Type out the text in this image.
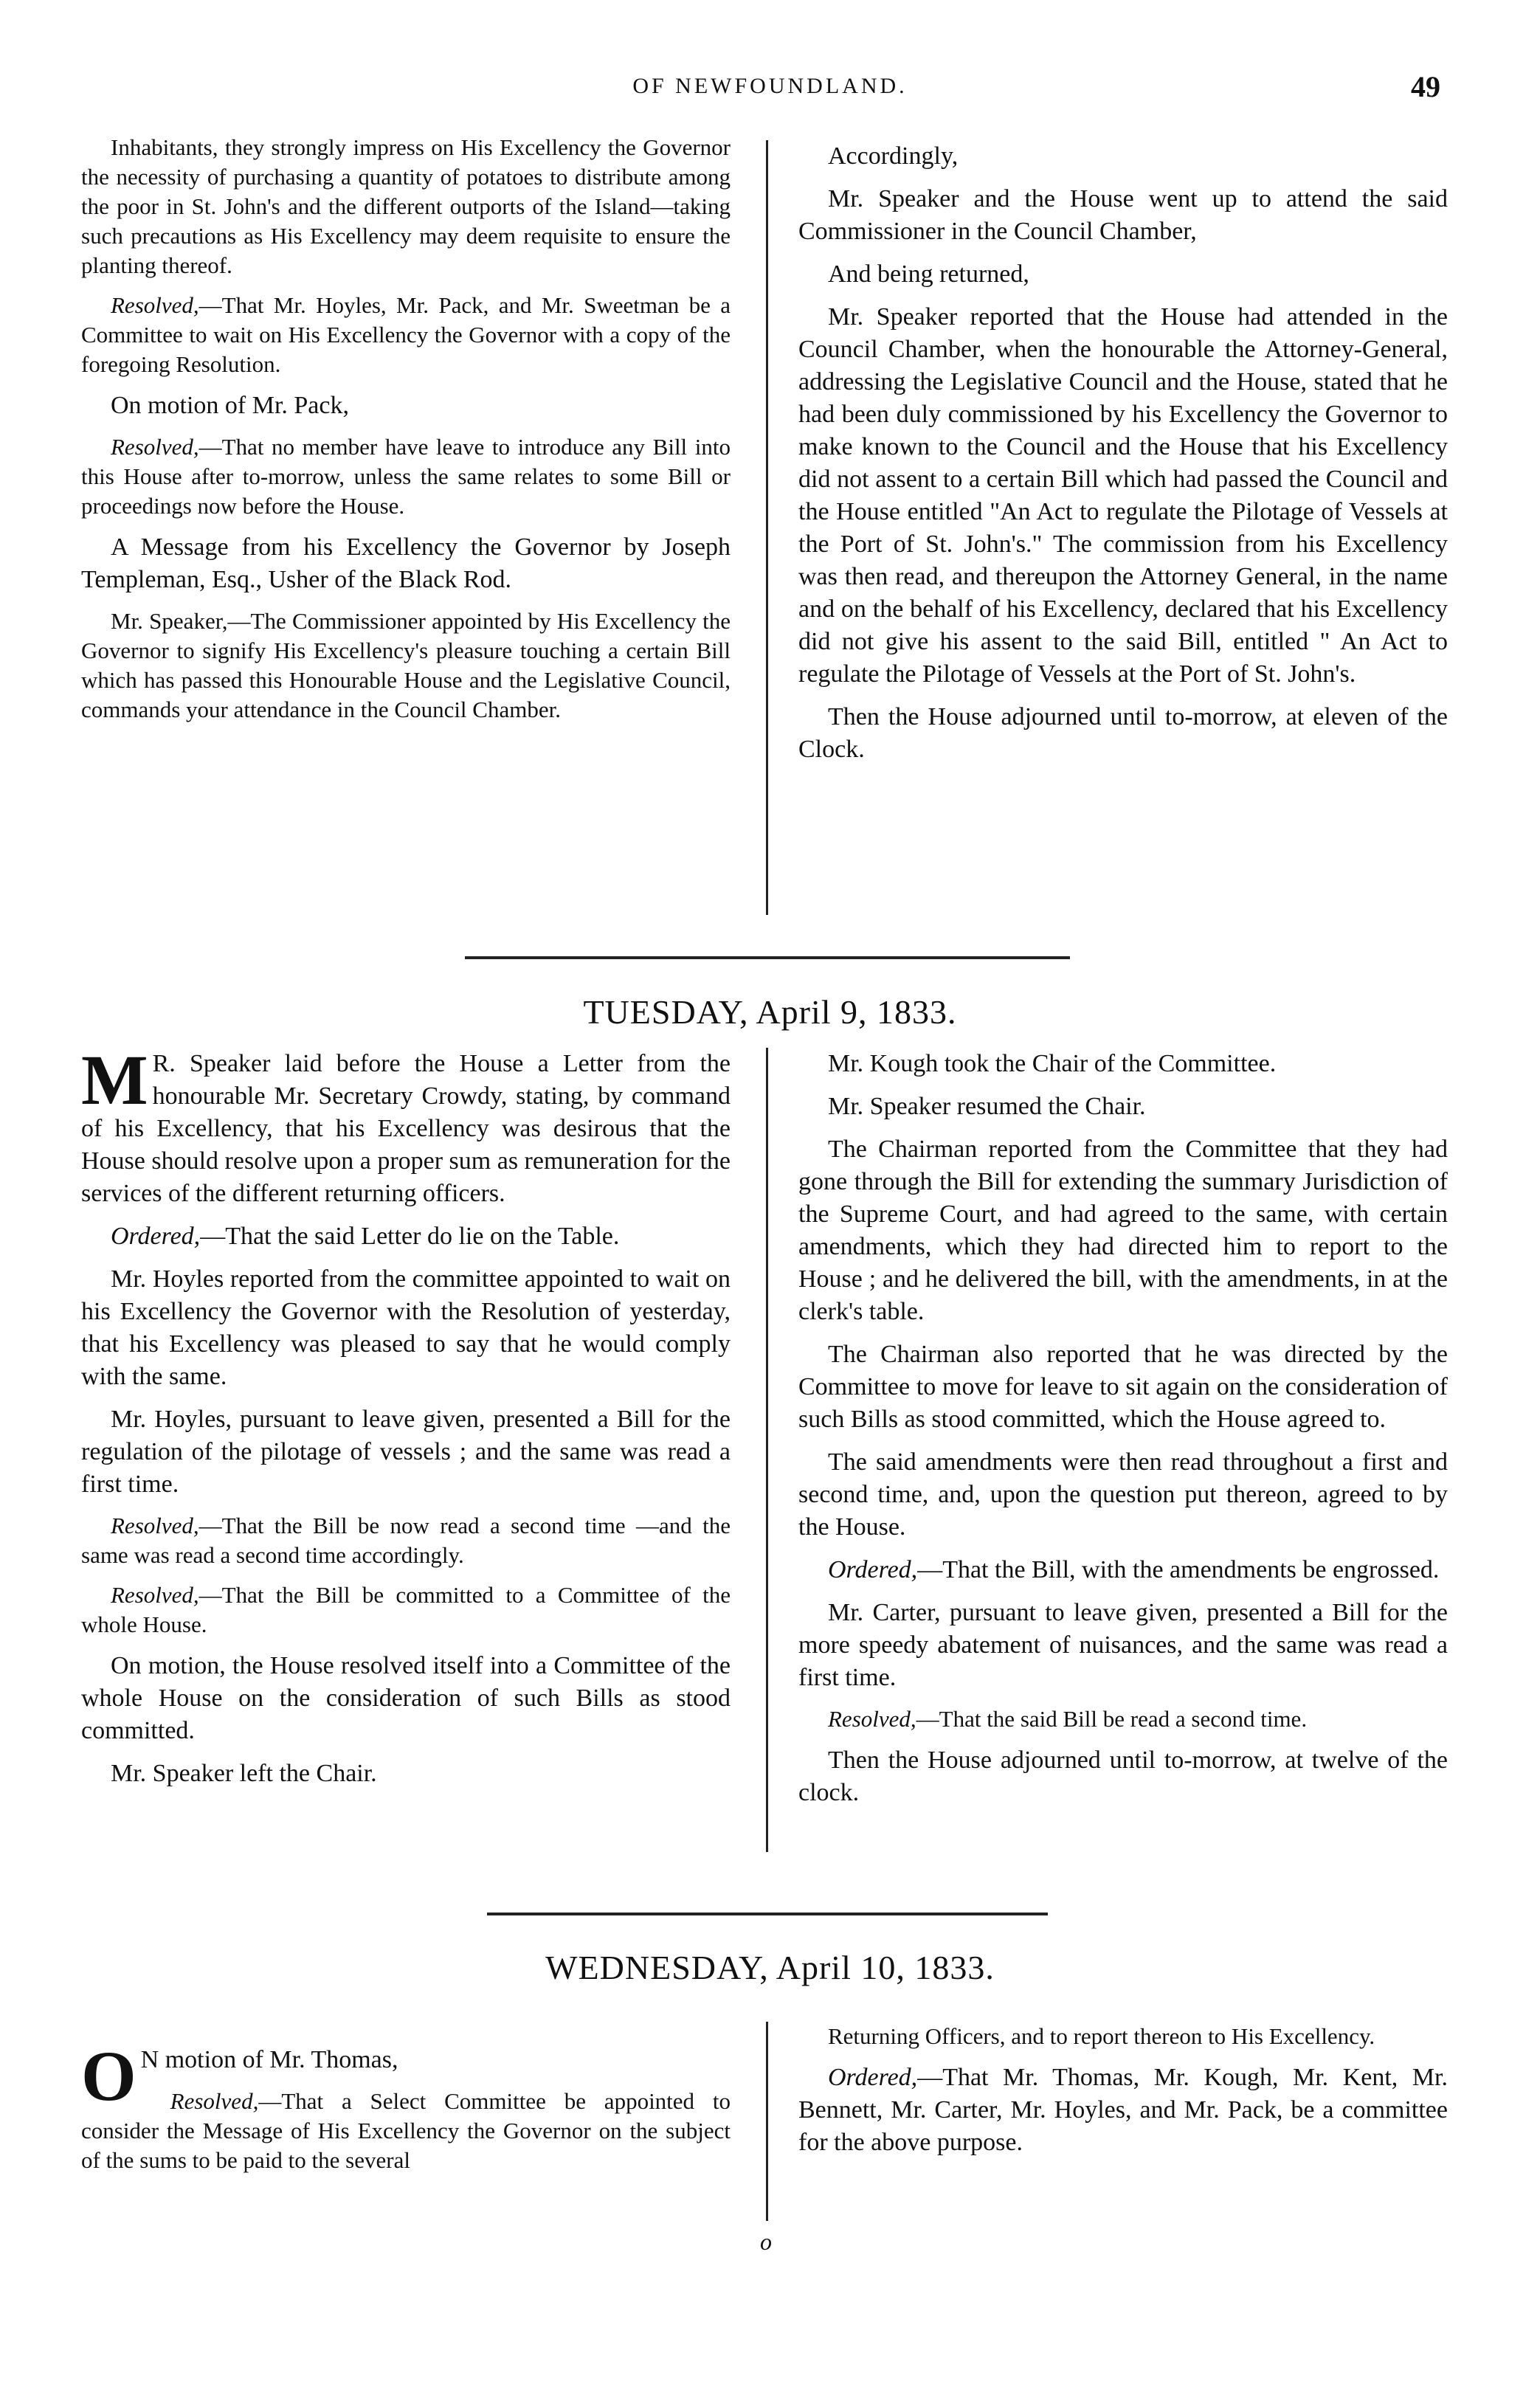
OF NEWFOUNDLAND.	49

Inhabitants, they strongly impress on His Excellency the Governor the necessity of purchasing a quantity of potatoes to distribute among the poor in St. John's and the different outports of the Island—taking such precautions as His Excellency may deem requisite to ensure the planting thereof.

Resolved,—That Mr. Hoyles, Mr. Pack, and Mr. Sweetman be a Committee to wait on His Excellency the Governor with a copy of the foregoing Resolution.

On motion of Mr. Pack,

Resolved,—That no member have leave to introduce any Bill into this House after to-morrow, unless the same relates to some Bill or proceedings now before the House.

A Message from his Excellency the Governor by Joseph Templeman, Esq., Usher of the Black Rod.

Mr. Speaker,—The Commissioner appointed by His Excellency the Governor to signify His Excellency's pleasure touching a certain Bill which has passed this Honourable House and the Legislative Council, commands your attendance in the Council Chamber.

Accordingly,

Mr. Speaker and the House went up to attend the said Commissioner in the Council Chamber,

And being returned,

Mr. Speaker reported that the House had attended in the Council Chamber, when the honourable the Attorney-General, addressing the Legislative Council and the House, stated that he had been duly commissioned by his Excellency the Governor to make known to the Council and the House that his Excellency did not assent to a certain Bill which had passed the Council and the House entitled "An Act to regulate the Pilotage of Vessels at the Port of St. John's." The commission from his Excellency was then read, and thereupon the Attorney General, in the name and on the behalf of his Excellency, declared that his Excellency did not give his assent to the said Bill, entitled " An Act to regulate the Pilotage of Vessels at the Port of St. John's.

Then the House adjourned until to-morrow, at eleven of the Clock.

TUESDAY, April 9, 1833.

M R. Speaker laid before the House a Letter from the honourable Mr. Secretary Crowdy, stating, by command of his Excellency, that his Excellency was desirous that the House should resolve upon a proper sum as remuneration for the services of the different returning officers.

Ordered,—That the said Letter do lie on the Table.

Mr. Hoyles reported from the committee appointed to wait on his Excellency the Governor with the Resolution of yesterday, that his Excellency was pleased to say that he would comply with the same.

Mr. Hoyles, pursuant to leave given, presented a Bill for the regulation of the pilotage of vessels ; and the same was read a first time.

Resolved,—That the Bill be now read a second time —and the same was read a second time accordingly.

Resolved,—That the Bill be committed to a Committee of the whole House.

On motion, the House resolved itself into a Committee of the whole House on the consideration of such Bills as stood committed.

Mr. Speaker left the Chair.

Mr. Kough took the Chair of the Committee.

Mr. Speaker resumed the Chair.

The Chairman reported from the Committee that they had gone through the Bill for extending the summary Jurisdiction of the Supreme Court, and had agreed to the same, with certain amendments, which they had directed him to report to the House ; and he delivered the bill, with the amendments, in at the clerk's table.

The Chairman also reported that he was directed by the Committee to move for leave to sit again on the consideration of such Bills as stood committed, which the House agreed to.

The said amendments were then read throughout a first and second time, and, upon the question put thereon, agreed to by the House.

Ordered,—That the Bill, with the amendments be engrossed.

Mr. Carter, pursuant to leave given, presented a Bill for the more speedy abatement of nuisances, and the same was read a first time.

Resolved,—That the said Bill be read a second time.

Then the House adjourned until to-morrow, at twelve of the clock.

WEDNESDAY, April 10, 1833.

O N motion of Mr. Thomas,

Resolved,—That a Select Committee be appointed to consider the Message of His Excellency the Governor on the subject of the sums to be paid to the several

Returning Officers, and to report thereon to His Excellency.

Ordered,—That Mr. Thomas, Mr. Kough, Mr. Kent, Mr. Bennett, Mr. Carter, Mr. Hoyles, and Mr. Pack, be a committee for the above purpose.

o
